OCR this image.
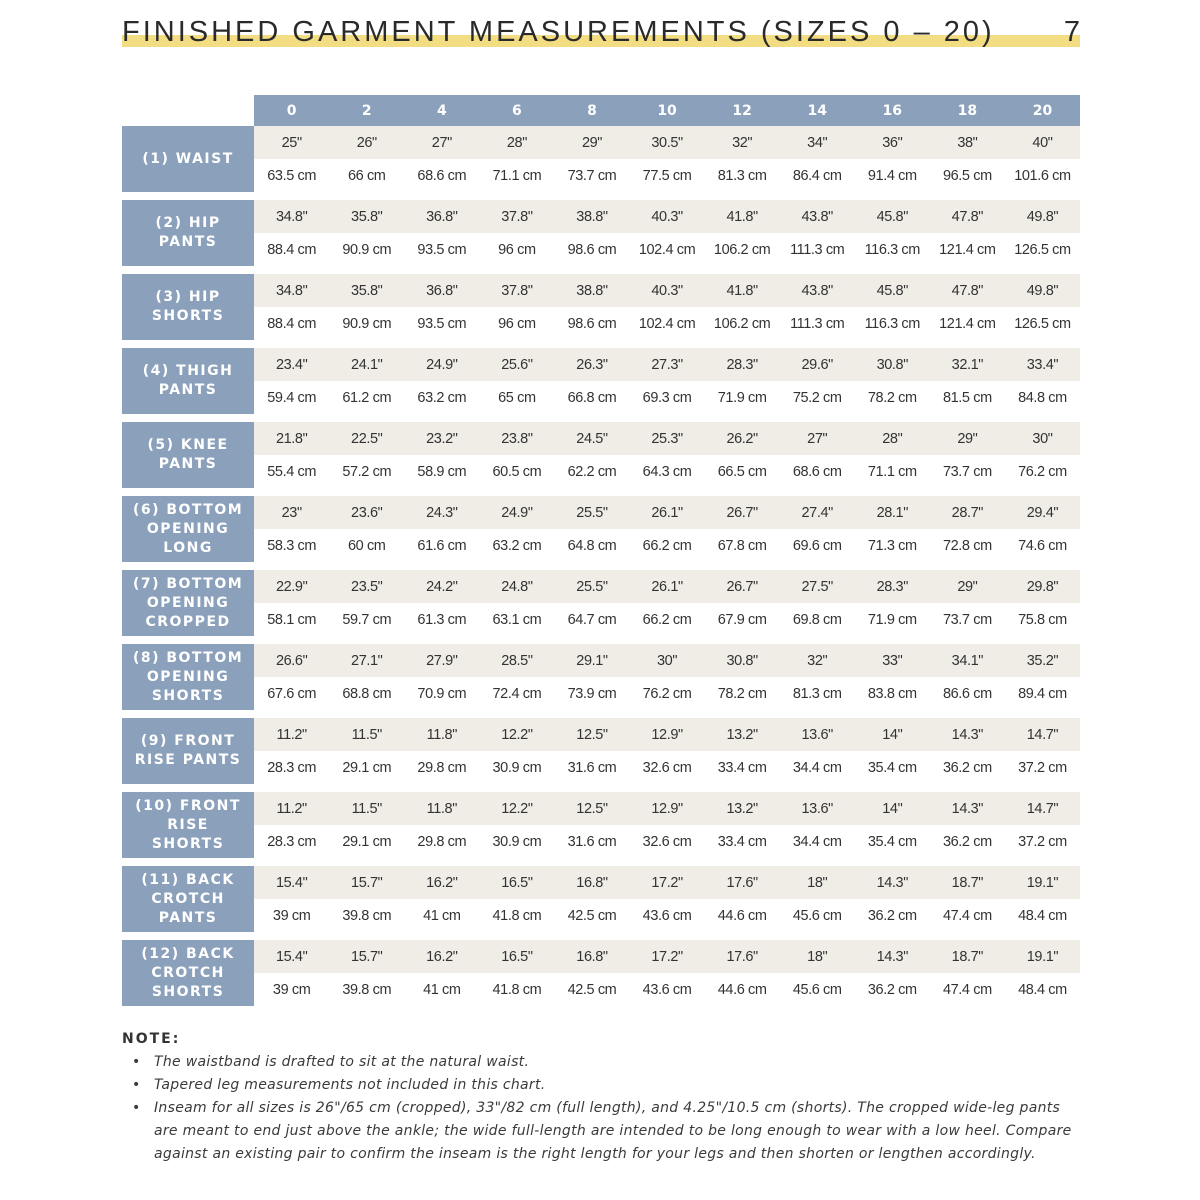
FINISHED GARMENT MEASUREMENTS (SIZES 0 – 20) 7
	0	2	4	6	8	10	12	14	16	18	20
(1) WAIST	25"	26"	27"	28"	29"	30.5"	32"	34"	36"	38"	40"
	63.5 cm	66 cm	68.6 cm	71.1 cm	73.7 cm	77.5 cm	81.3 cm	86.4 cm	91.4 cm	96.5 cm	101.6 cm
(2) HIP PANTS	34.8"	35.8"	36.8"	37.8"	38.8"	40.3"	41.8"	43.8"	45.8"	47.8"	49.8"
	88.4 cm	90.9 cm	93.5 cm	96 cm	98.6 cm	102.4 cm	106.2 cm	111.3 cm	116.3 cm	121.4 cm	126.5 cm
(3) HIP SHORTS	34.8"	35.8"	36.8"	37.8"	38.8"	40.3"	41.8"	43.8"	45.8"	47.8"	49.8"
	88.4 cm	90.9 cm	93.5 cm	96 cm	98.6 cm	102.4 cm	106.2 cm	111.3 cm	116.3 cm	121.4 cm	126.5 cm
(4) THIGH PANTS	23.4"	24.1"	24.9"	25.6"	26.3"	27.3"	28.3"	29.6"	30.8"	32.1"	33.4"
	59.4 cm	61.2 cm	63.2 cm	65 cm	66.8 cm	69.3 cm	71.9 cm	75.2 cm	78.2 cm	81.5 cm	84.8 cm
(5) KNEE PANTS	21.8"	22.5"	23.2"	23.8"	24.5"	25.3"	26.2"	27"	28"	29"	30"
	55.4 cm	57.2 cm	58.9 cm	60.5 cm	62.2 cm	64.3 cm	66.5 cm	68.6 cm	71.1 cm	73.7 cm	76.2 cm
(6) BOTTOM OPENING LONG	23"	23.6"	24.3"	24.9"	25.5"	26.1"	26.7"	27.4"	28.1"	28.7"	29.4"
	58.3 cm	60 cm	61.6 cm	63.2 cm	64.8 cm	66.2 cm	67.8 cm	69.6 cm	71.3 cm	72.8 cm	74.6 cm
(7) BOTTOM OPENING CROPPED	22.9"	23.5"	24.2"	24.8"	25.5"	26.1"	26.7"	27.5"	28.3"	29"	29.8"
	58.1 cm	59.7 cm	61.3 cm	63.1 cm	64.7 cm	66.2 cm	67.9 cm	69.8 cm	71.9 cm	73.7 cm	75.8 cm
(8) BOTTOM OPENING SHORTS	26.6"	27.1"	27.9"	28.5"	29.1"	30"	30.8"	32"	33"	34.1"	35.2"
	67.6 cm	68.8 cm	70.9 cm	72.4 cm	73.9 cm	76.2 cm	78.2 cm	81.3 cm	83.8 cm	86.6 cm	89.4 cm
(9) FRONT RISE PANTS	11.2"	11.5"	11.8"	12.2"	12.5"	12.9"	13.2"	13.6"	14"	14.3"	14.7"
	28.3 cm	29.1 cm	29.8 cm	30.9 cm	31.6 cm	32.6 cm	33.4 cm	34.4 cm	35.4 cm	36.2 cm	37.2 cm
(10) FRONT RISE SHORTS	11.2"	11.5"	11.8"	12.2"	12.5"	12.9"	13.2"	13.6"	14"	14.3"	14.7"
	28.3 cm	29.1 cm	29.8 cm	30.9 cm	31.6 cm	32.6 cm	33.4 cm	34.4 cm	35.4 cm	36.2 cm	37.2 cm
(11) BACK CROTCH PANTS	15.4"	15.7"	16.2"	16.5"	16.8"	17.2"	17.6"	18"	14.3"	18.7"	19.1"
	39 cm	39.8 cm	41 cm	41.8 cm	42.5 cm	43.6 cm	44.6 cm	45.6 cm	36.2 cm	47.4 cm	48.4 cm
(12) BACK CROTCH SHORTS	15.4"	15.7"	16.2"	16.5"	16.8"	17.2"	17.6"	18"	14.3"	18.7"	19.1"
	39 cm	39.8 cm	41 cm	41.8 cm	42.5 cm	43.6 cm	44.6 cm	45.6 cm	36.2 cm	47.4 cm	48.4 cm
NOTE:
• The waistband is drafted to sit at the natural waist.
• Tapered leg measurements not included in this chart.
• Inseam for all sizes is 26"/65 cm (cropped), 33"/82 cm (full length), and 4.25"/10.5 cm (shorts). The cropped wide-leg pants are meant to end just above the ankle; the wide full-length are intended to be long enough to wear with a low heel. Compare against an existing pair to confirm the inseam is the right length for your legs and then shorten or lengthen accordingly.
